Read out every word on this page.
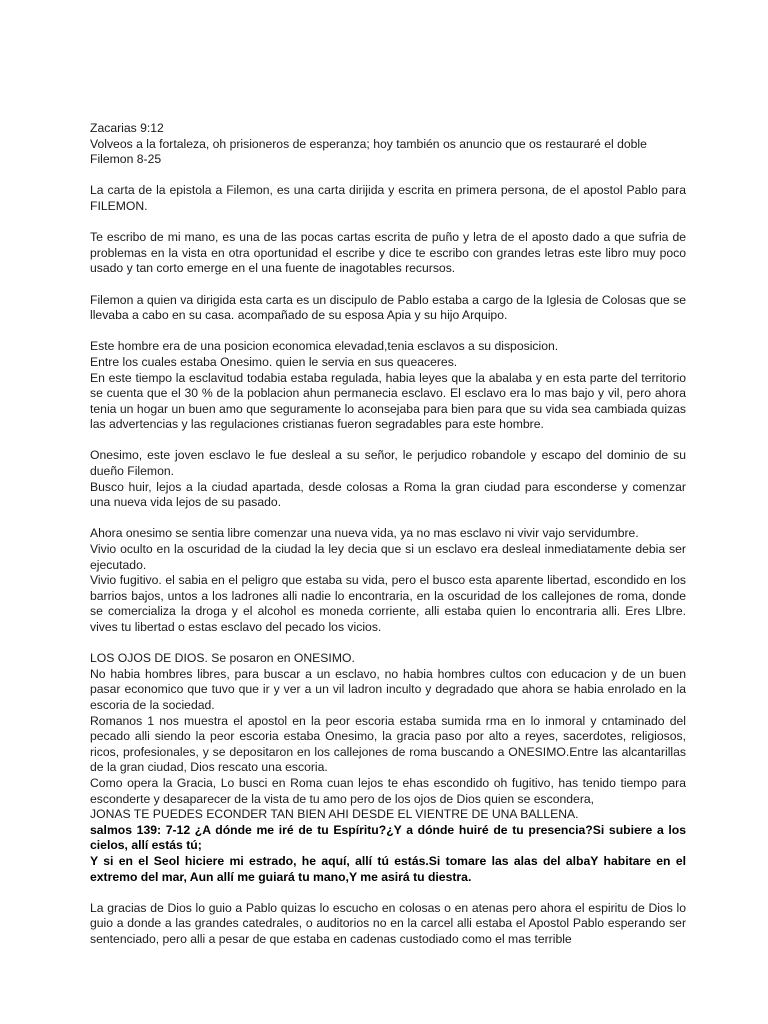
Zacarias 9:12
Volveos a la fortaleza, oh prisioneros de esperanza; hoy también os anuncio que os restauraré el doble
Filemon 8-25

La carta de la epistola a Filemon, es una carta dirijida y escrita en primera persona, de el apostol Pablo para FILEMON.

Te escribo de mi mano, es una de las pocas cartas escrita de puño y letra de el aposto dado a que sufria de problemas en la vista en otra oportunidad el escribe y dice te escribo con grandes letras este libro muy poco usado y tan corto emerge en el una fuente de inagotables recursos.

Filemon a quien va dirigida esta carta es un discipulo de Pablo estaba a cargo de la Iglesia de Colosas que se llevaba a cabo en su casa. acompañado de su esposa Apia y su hijo Arquipo.

Este hombre era de una posicion economica elevadad,tenia esclavos a su disposicion.
Entre los cuales estaba Onesimo. quien le servia en sus queaceres.

En este tiempo la esclavitud todabia estaba regulada, habia leyes que la abalaba y en esta parte del territorio se cuenta que el 30 % de la poblacion ahun permanecia esclavo. El esclavo era lo mas bajo y vil, pero ahora tenia un hogar un buen amo que seguramente lo aconsejaba para bien para que su vida sea cambiada quizas las advertencias y las regulaciones cristianas fueron segradables para este hombre.

Onesimo, este joven esclavo le fue desleal a su señor, le perjudico robandole y escapo del dominio de su dueño Filemon.

Busco huir, lejos a la ciudad apartada, desde colosas a Roma la gran ciudad para esconderse y comenzar una nueva vida lejos de su pasado.

Ahora onesimo se sentia libre comenzar una nueva vida, ya no mas esclavo ni vivir vajo servidumbre.

Vivio oculto en la oscuridad de la ciudad la ley decia que si un esclavo era desleal inmediatamente debia ser ejecutado.

Vivio fugitivo. el sabia en el peligro que estaba su vida, pero el busco esta aparente libertad, escondido en los barrios bajos, untos a los ladrones alli nadie lo encontraria, en la oscuridad de los callejones de roma, donde se comercializa la droga y el alcohol es moneda corriente, alli estaba quien lo encontraria alli. Eres Llbre. vives tu libertad o estas esclavo del pecado los vicios.

LOS OJOS DE DIOS. Se posaron en ONESIMO.

No habia hombres libres, para buscar a un esclavo, no habia hombres cultos con educacion y de un buen pasar economico que tuvo que ir y ver a un vil ladron inculto y degradado que ahora se habia enrolado en la escoria de la sociedad.

Romanos 1 nos muestra el apostol en la peor escoria estaba sumida rma en lo inmoral y cntaminado del pecado alli siendo la peor escoria estaba Onesimo, la gracia paso por alto a reyes, sacerdotes, religiosos, ricos, profesionales, y se depositaron en los callejones de roma buscando a ONESIMO.Entre las alcantarillas de la gran ciudad, Dios rescato una escoria.

Como opera la Gracia, Lo busci en Roma cuan lejos te ehas escondido oh fugitivo, has tenido tiempo para esconderte y desaparecer de la vista de tu amo pero de los ojos de Dios quien se escondera,

JONAS TE PUEDES ECONDER TAN BIEN AHI DESDE EL VIENTRE DE UNA BALLENA.

salmos 139: 7-12 ¿A dónde me iré de tu Espíritu?¿Y a dónde huiré de tu presencia?Si subiere a los cielos, allí estás tú;

Y si en el Seol hiciere mi estrado, he aquí, allí tú estás.Si tomare las alas del albaY habitare en el extremo del mar, Aun allí me guiará tu mano,Y me asirá tu diestra.

La gracias de Dios lo guio a Pablo quizas lo escucho en colosas o en atenas pero ahora el espiritu de Dios lo guio a donde a las grandes catedrales, o auditorios no en la carcel alli estaba el Apostol Pablo esperando ser sentenciado, pero alli a pesar de que estaba en cadenas custodiado como el mas terrible
